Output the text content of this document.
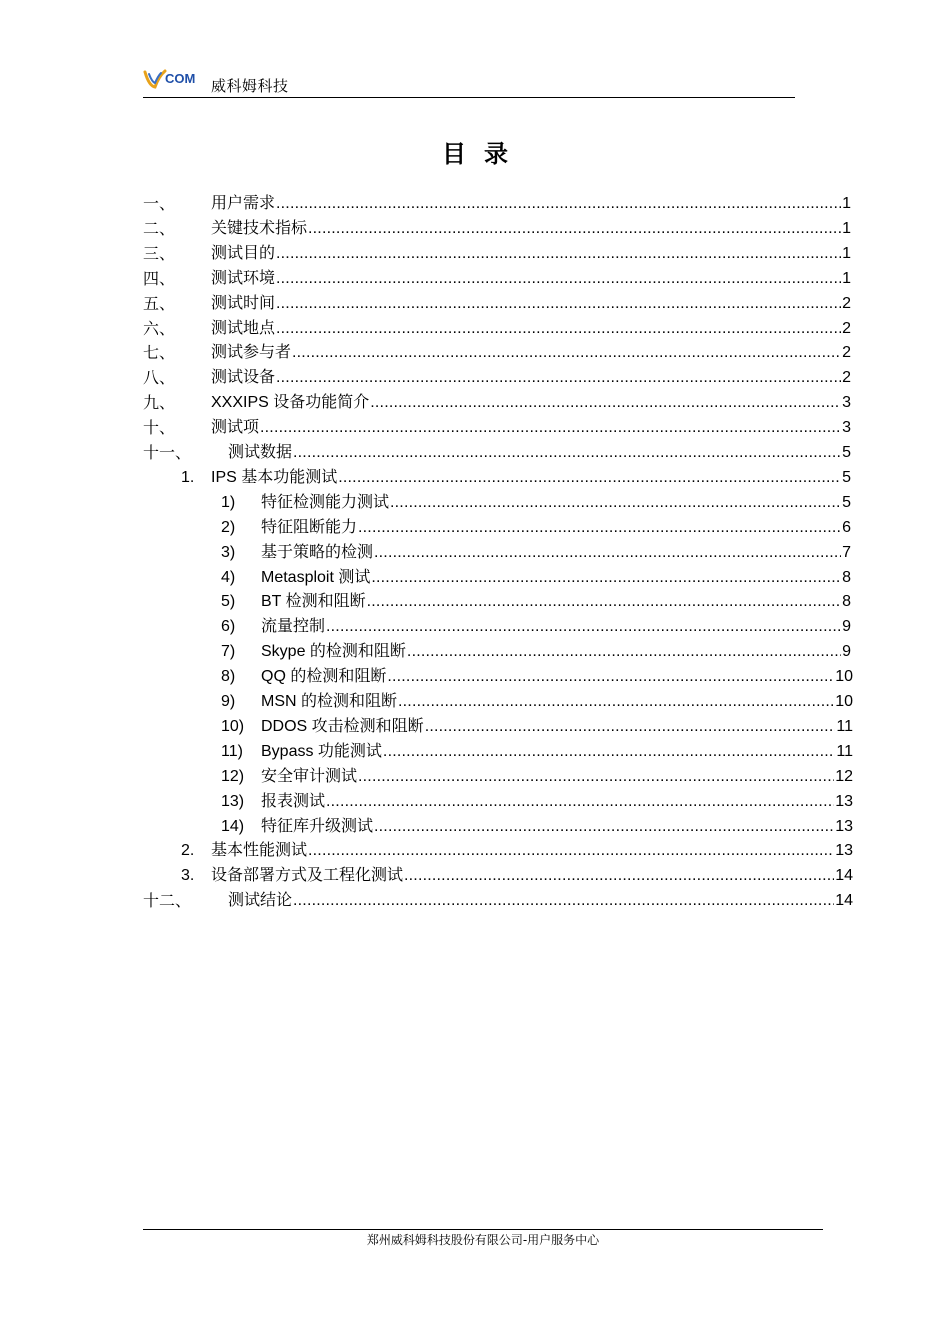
COM 威科姆科技
目录
一、	用户需求 .....	1
二、	关键技术指标 .....	1
三、	测试目的 .....	1
四、	测试环境 .....	1
五、	测试时间 .....	2
六、	测试地点 .....	2
七、	测试参与者 .....	2
八、	测试设备 .....	2
九、	XXXIPS 设备功能简介 .....	3
十、	测试项 .....	3
十一、	测试数据 .....	5
1.	IPS 基本功能测试 .....	5
1)	特征检测能力测试 .....	5
2)	特征阻断能力 .....	6
3)	基于策略的检测 .....	7
4)	Metasploit 测试 .....	8
5)	BT 检测和阻断 .....	8
6)	流量控制 .....	9
7)	Skype 的检测和阻断 .....	9
8)	QQ 的检测和阻断 .....	10
9)	MSN 的检测和阻断 .....	10
10)	DDOS 攻击检测和阻断 .....	11
11)	Bypass 功能测试 .....	11
12)	安全审计测试 .....	12
13)	报表测试 .....	13
14)	特征库升级测试 .....	13
2.	基本性能测试 .....	13
3.	设备部署方式及工程化测试 .....	14
十二、	测试结论 .....	14
郑州威科姆科技股份有限公司-用户服务中心
